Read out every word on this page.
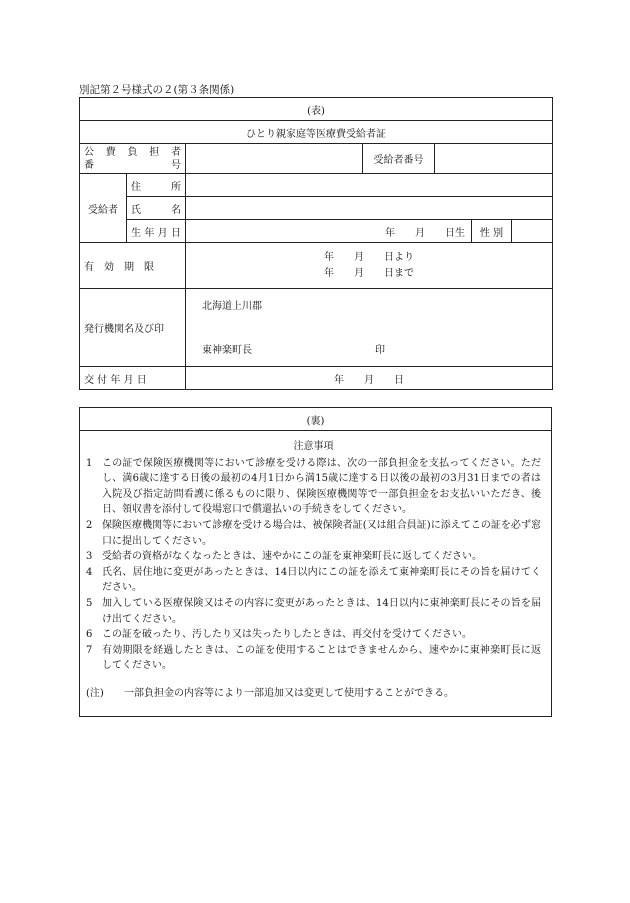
別記第２号様式の２(第３条関係)
(表)						
ひとり親家庭等医療費受給者証						

公費負担者
番　　号			受給者番号			
受給者	住　　所					
	氏　　名					
	生年月日	年　　月　　日生			性 別	
有　効　期　限		年　　月　　日より
年　　月　　日まで				

発行機関名及び印		北海道上川郡
東神楽町長 印				

交 付 年 月 日		年　　月　　日				
(裏)
注意事項
1 この証で保険医療機関等において診療を受ける際は、次の一部負担金を支払ってください。ただし、満6歳に達する日後の最初の4月1日から満15歳に達する日以後の最初の3月31日までの者は入院及び指定訪問看護に係るものに限り、保険医療機関等で一部負担金をお支払いいただき、後日、領収書を添付して役場窓口で償還払いの手続きをしてください。
2 保険医療機関等において診療を受ける場合は、被保険者証(又は組合員証)に添えてこの証を必ず窓口に提出してください。
3 受給者の資格がなくなったときは、速やかにこの証を東神楽町長に返してください。
4 氏名、居住地に変更があったときは、14日以内にこの証を添えて東神楽町長にその旨を届けてください。
5 加入している医療保険又はその内容に変更があったときは、14日以内に東神楽町長にその旨を届け出てください。
6 この証を破ったり、汚したり又は失ったりしたときは、再交付を受けてください。
7 有効期限を経過したときは、この証を使用することはできませんから、速やかに東神楽町長に返してください。
(注)	一部負担金の内容等により一部追加又は変更して使用することができる。
